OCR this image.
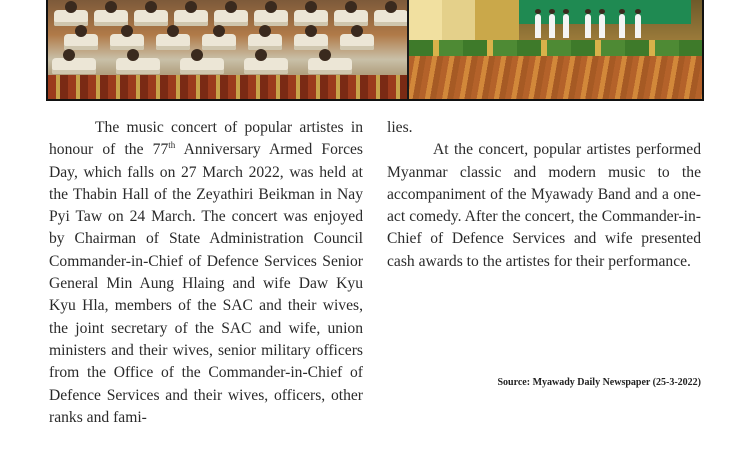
The music concert of popular artistes in honour of the 77th Anniversary Armed Forces Day, which falls on 27 March 2022, was held at the Thabin Hall of the Zeyathiri Beikman in Nay Pyi Taw on 24 March. The concert was enjoyed by Chairman of State Administration Council Commander-in-Chief of Defence Services Senior General Min Aung Hlaing and wife Daw Kyu Kyu Hla, members of the SAC and their wives, the joint secretary of the SAC and wife, union ministers and their wives, senior military officers from the Office of the Commander-in-Chief of Defence Services and their wives, officers, other ranks and fami-

lies.

At the concert, popular artistes performed Myanmar classic and modern music to the accompaniment of the Myawady Band and a one-act comedy. After the concert, the Commander-in-Chief of Defence Services and wife presented cash awards to the artistes for their performance.

Source: Myawady Daily Newspaper (25-3-2022)
